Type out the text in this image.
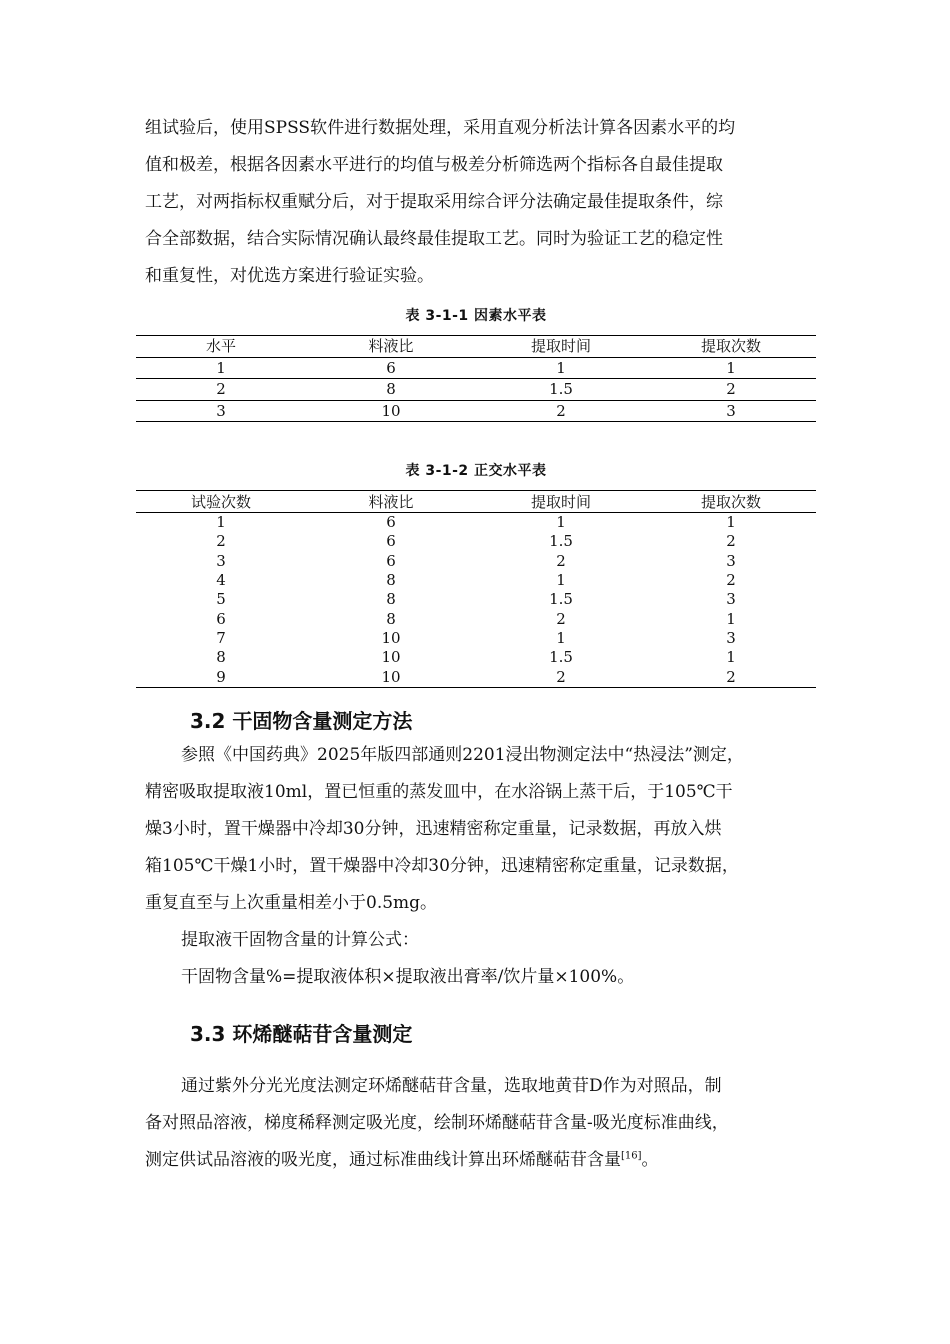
组试验后，使用SPSS软件进行数据处理，采用直观分析法计算各因素水平的均
值和极差，根据各因素水平进行的均值与极差分析筛选两个指标各自最佳提取
工艺，对两指标权重赋分后，对于提取采用综合评分法确定最佳提取条件，综
合全部数据，结合实际情况确认最终最佳提取工艺。同时为验证工艺的稳定性
和重复性，对优选方案进行验证实验。
表 3-1-1 因素水平表
水平	料液比	提取时间	提取次数
1	6	1	1
2	8	1.5	2
3	10	2	3
表 3-1-2 正交水平表
试验次数	料液比	提取时间	提取次数
1	6	1	1
2	6	1.5	2
3	6	2	3
4	8	1	2
5	8	1.5	3
6	8	2	1
7	10	1	3
8	10	1.5	1
9	10	2	2
3.2 干固物含量测定方法
参照《中国药典》2025年版四部通则2201浸出物测定法中“热浸法”测定，
精密吸取提取液10ml，置已恒重的蒸发皿中，在水浴锅上蒸干后，于105℃干
燥3小时，置干燥器中冷却30分钟，迅速精密称定重量，记录数据，再放入烘
箱105℃干燥1小时，置干燥器中冷却30分钟，迅速精密称定重量，记录数据，
重复直至与上次重量相差小于0.5mg。
提取液干固物含量的计算公式：
干固物含量%=提取液体积×提取液出膏率/饮片量×100%。
3.3 环烯醚萜苷含量测定
通过紫外分光光度法测定环烯醚萜苷含量，选取地黄苷D作为对照品，制
备对照品溶液，梯度稀释测定吸光度，绘制环烯醚萜苷含量-吸光度标准曲线，
测定供试品溶液的吸光度，通过标准曲线计算出环烯醚萜苷含量[16]。
